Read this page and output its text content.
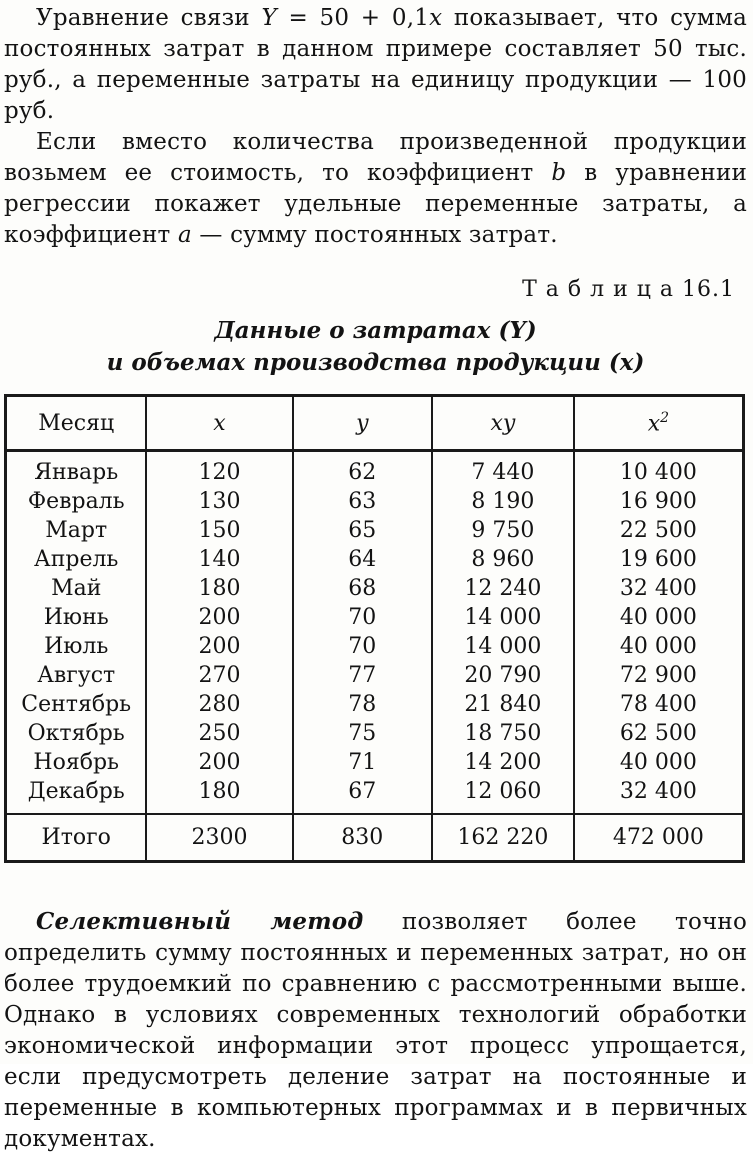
Уравнение связи Y = 50 + 0,1x показывает, что сумма постоянных затрат в данном примере составляет 50 тыс. руб., а переменные затраты на единицу продукции — 100 руб.

Если вместо количества произведенной продукции возьмем ее стоимость, то коэффициент b в уравнении регрессии покажет удельные переменные затраты, а коэффициент a — сумму постоянных затрат.

Т а б л и ц а 16.1
Данные о затратах (Y)
и объемах производства продукции (x)
Месяц	x	y	xy	$x^2$
Январь	120	62	7 440	10 400
Февраль	130	63	8 190	16 900
Март	150	65	9 750	22 500
Апрель	140	64	8 960	19 600
Май	180	68	12 240	32 400
Июнь	200	70	14 000	40 000
Июль	200	70	14 000	40 000
Август	270	77	20 790	72 900
Сентябрь	280	78	21 840	78 400
Октябрь	250	75	18 750	62 500
Ноябрь	200	71	14 200	40 000
Декабрь	180	67	12 060	32 400
Итого	2300	830	162 220	472 000

Селективный метод позволяет более точно определить сумму постоянных и переменных затрат, но он более трудоемкий по сравнению с рассмотренными выше. Однако в условиях современных технологий обработки экономической информации этот процесс упрощается, если предусмотреть деление затрат на постоянные и переменные в компьютерных программах и в первичных документах.
